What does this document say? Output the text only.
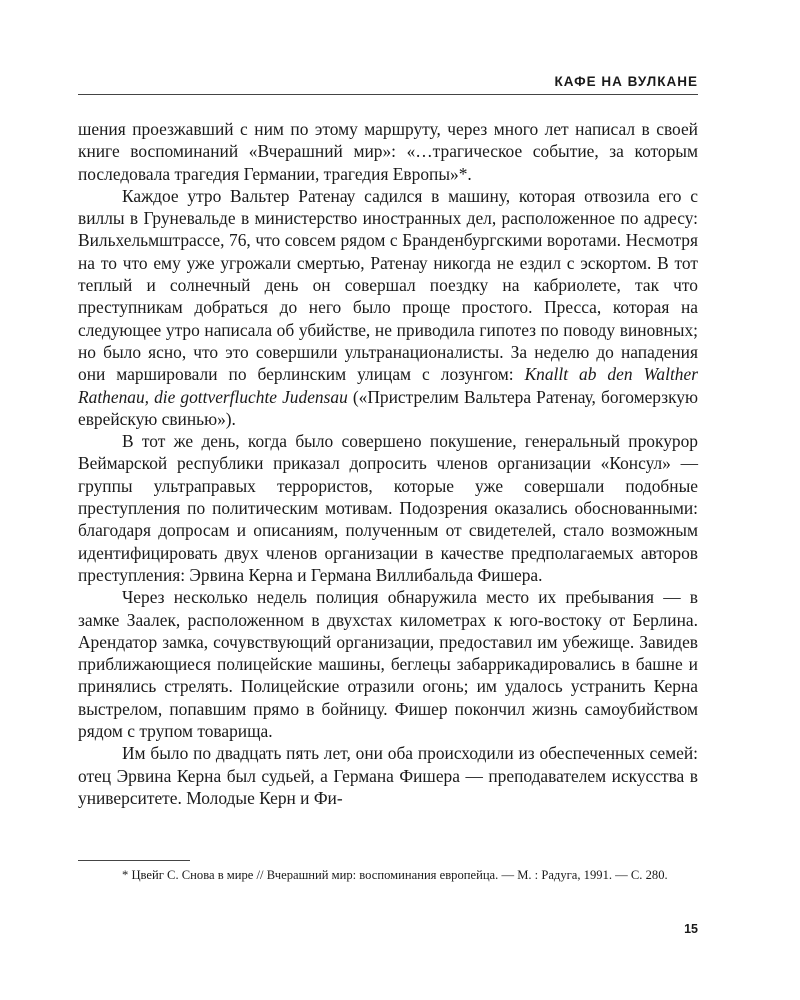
КАФЕ НА ВУЛКАНЕ

шения проезжавший с ним по этому маршруту, через много лет написал в своей книге воспоминаний «Вчерашний мир»: «…трагическое событие, за которым последовала трагедия Германии, трагедия Европы»*.

Каждое утро Вальтер Ратенау садился в машину, которая отвозила его с виллы в Груневальде в министерство иностранных дел, расположенное по адресу: Вильхельмштрассе, 76, что совсем рядом с Бранденбургскими воротами. Несмотря на то что ему уже угрожали смертью, Ратенау никогда не ездил с эскортом. В тот теплый и солнечный день он совершал поездку на кабриолете, так что преступникам добраться до него было проще простого. Пресса, которая на следующее утро написала об убийстве, не приводила гипотез по поводу виновных; но было ясно, что это совершили ультранационалисты. За неделю до нападения они маршировали по берлинским улицам с лозунгом: Knallt ab den Walther Rathenau, die gottverfluchte Judensau («Пристрелим Вальтера Ратенау, богомерзкую еврейскую свинью»).

В тот же день, когда было совершено покушение, генеральный прокурор Веймарской республики приказал допросить членов организации «Консул» — группы ультраправых террористов, которые уже совершали подобные преступления по политическим мотивам. Подозрения оказались обоснованными: благодаря допросам и описаниям, полученным от свидетелей, стало возможным идентифицировать двух членов организации в качестве предполагаемых авторов преступления: Эрвина Керна и Германа Виллибальда Фишера.

Через несколько недель полиция обнаружила место их пребывания — в замке Заалек, расположенном в двухстах километрах к юго-востоку от Берлина. Арендатор замка, сочувствующий организации, предоставил им убежище. Завидев приближающиеся полицейские машины, беглецы забаррикадировались в башне и принялись стрелять. Полицейские отразили огонь; им удалось устранить Керна выстрелом, попавшим прямо в бойницу. Фишер покончил жизнь самоубийством рядом с трупом товарища.

Им было по двадцать пять лет, они оба происходили из обеспеченных семей: отец Эрвина Керна был судьей, а Германа Фишера — преподавателем искусства в университете. Молодые Керн и Фи-

* Цвейг С. Снова в мире // Вчерашний мир: воспоминания европейца. — М. : Радуга, 1991. — С. 280.
15
